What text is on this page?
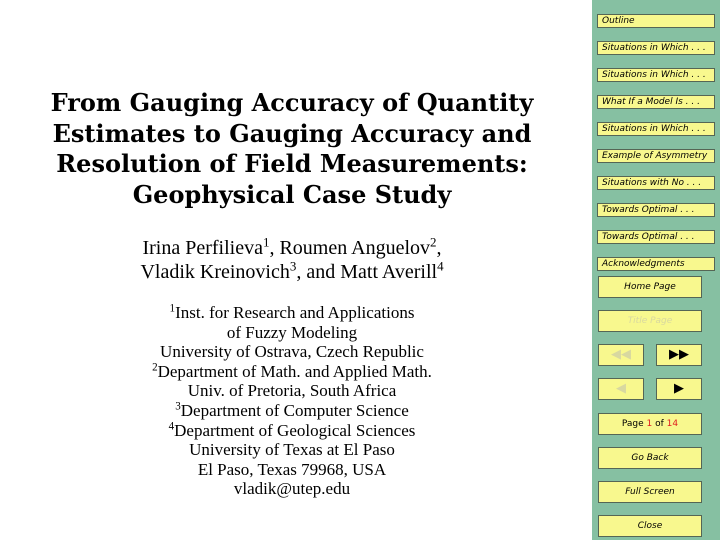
From Gauging Accuracy of Quantity
Estimates to Gauging Accuracy and
Resolution of Field Measurements:
Geophysical Case Study
Irina Perfilieva$^1$, Roumen Anguelov$^2$,
Vladik Kreinovich$^3$, and Matt Averill$^4$
$^1$Inst. for Research and Applications
of Fuzzy Modeling
University of Ostrava, Czech Republic
$^2$Department of Math. and Applied Math.
Univ. of Pretoria, South Africa
$^3$Department of Computer Science
$^4$Department of Geological Sciences
University of Texas at El Paso
El Paso, Texas 79968, USA
vladik@utep.edu
Outline
Situations in Which . . .
Situations in Which . . .
What If a Model Is . . .
Situations in Which . . .
Example of Asymmetry
Situations with No . . .
Towards Optimal . . .
Towards Optimal . . .
Acknowledgments
Home Page
Title Page
◀◀	▶▶
◀	▶
Page 1 of 14
Go Back
Full Screen
Close
